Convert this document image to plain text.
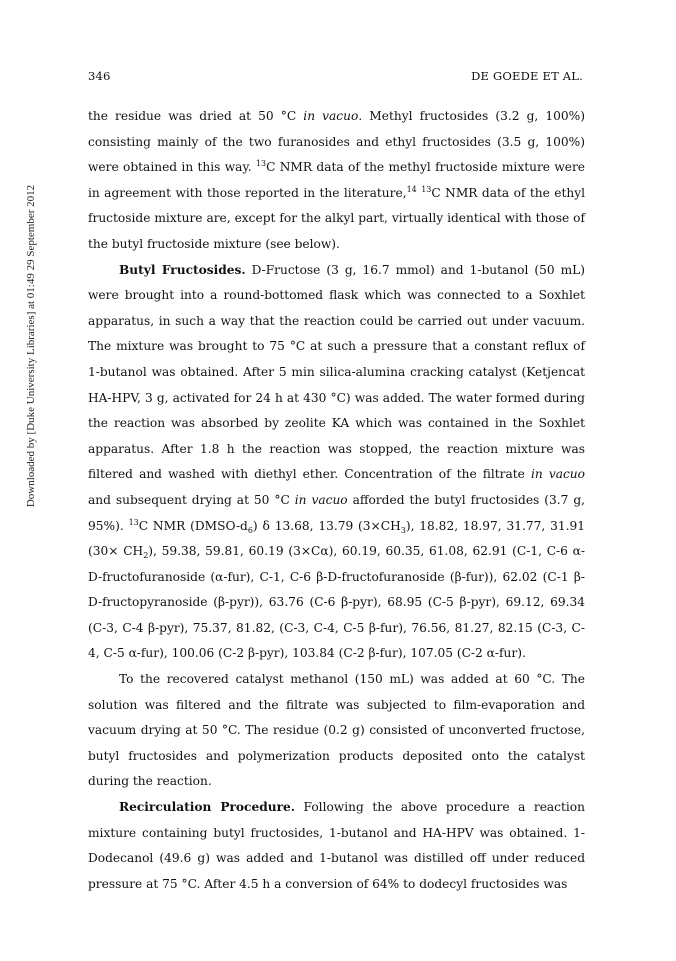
346	DE GOEDE ET AL.
Downloaded by [Duke University Libraries] at 01:49 29 September 2012

the residue was dried at 50 °C in vacuo. Methyl fructosides (3.2 g, 100%) consisting mainly of the two furanosides and ethyl fructosides (3.5 g, 100%) were obtained in this way. $^{13}$C NMR data of the methyl fructoside mixture were in agreement with those reported in the literature,$^{14}$ $^{13}$C NMR data of the ethyl fructoside mixture are, except for the alkyl part, virtually identical with those of the butyl fructoside mixture (see below).

Butyl Fructosides. D-Fructose (3 g, 16.7 mmol) and 1-butanol (50 mL) were brought into a round-bottomed flask which was connected to a Soxhlet apparatus, in such a way that the reaction could be carried out under vacuum. The mixture was brought to 75 °C at such a pressure that a constant reflux of 1-butanol was obtained. After 5 min silica-alumina cracking catalyst (Ketjencat HA-HPV, 3 g, activated for 24 h at 430 °C) was added. The water formed during the reaction was absorbed by zeolite KA which was contained in the Soxhlet apparatus. After 1.8 h the reaction was stopped, the reaction mixture was filtered and washed with diethyl ether. Concentration of the filtrate in vacuo and subsequent drying at 50 °C in vacuo afforded the butyl fructosides (3.7 g, 95%). $^{13}$C NMR $(DMSO-d_6)$ δ 13.68, 13.79 $(3\times CH_3)$, 18.82, 18.97, 31.77, 31.91 $(30\times CH_2)$, 59.38, 59.81, 60.19 (3×Cα), 60.19, 60.35, 61.08, 62.91 (C-1, C-6 α-D-fructofuranoside (α-fur), C-1, C-6 β-D-fructofuranoside (β-fur)), 62.02 (C-1 β-D-fructopyranoside (β-pyr)), 63.76 (C-6 β-pyr), 68.95 (C-5 β-pyr), 69.12, 69.34 (C-3, C-4 β-pyr), 75.37, 81.82, (C-3, C-4, C-5 β-fur), 76.56, 81.27, 82.15 (C-3, C-4, C-5 α-fur), 100.06 (C-2 β-pyr), 103.84 (C-2 β-fur), 107.05 (C-2 α-fur).

To the recovered catalyst methanol (150 mL) was added at 60 °C. The solution was filtered and the filtrate was subjected to film-evaporation and vacuum drying at 50 °C. The residue (0.2 g) consisted of unconverted fructose, butyl fructosides and polymerization products deposited onto the catalyst during the reaction.

Recirculation Procedure. Following the above procedure a reaction mixture containing butyl fructosides, 1-butanol and HA-HPV was obtained. 1-Dodecanol (49.6 g) was added and 1-butanol was distilled off under reduced pressure at 75 °C. After 4.5 h a conversion of 64% to dodecyl fructosides was
